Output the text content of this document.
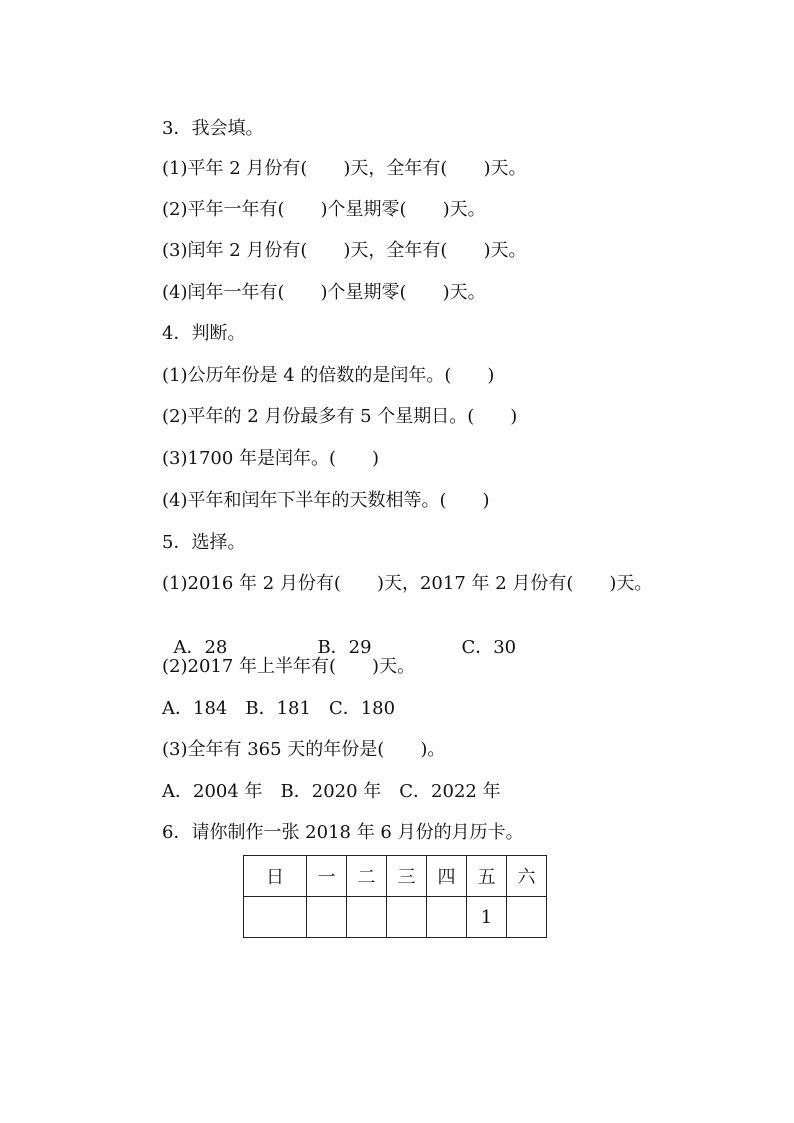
3．我会填。
(1)平年 2 月份有(　　)天，全年有(　　)天。
(2)平年一年有(　　)个星期零(　　)天。
(3)闰年 2 月份有(　　)天，全年有(　　)天。
(4)闰年一年有(　　)个星期零(　　)天。
4．判断。
(1)公历年份是 4 的倍数的是闰年。(　　)
(2)平年的 2 月份最多有 5 个星期日。(　　)
(3)1700 年是闰年。(　　)
(4)平年和闰年下半年的天数相等。(　　)
5．选择。
(1)2016 年 2 月份有(　　)天，2017 年 2 月份有(　　)天。

A．28	B．29	C．30

(2)2017 年上半年有(　　)天。
A．184　B．181　C．180
(3)全年有 365 天的年份是(　　)。
A．2004 年　B．2020 年　C．2022 年
6．请你制作一张 2018 年 6 月份的月历卡。
日	一	二	三	四	五	六
					1	
